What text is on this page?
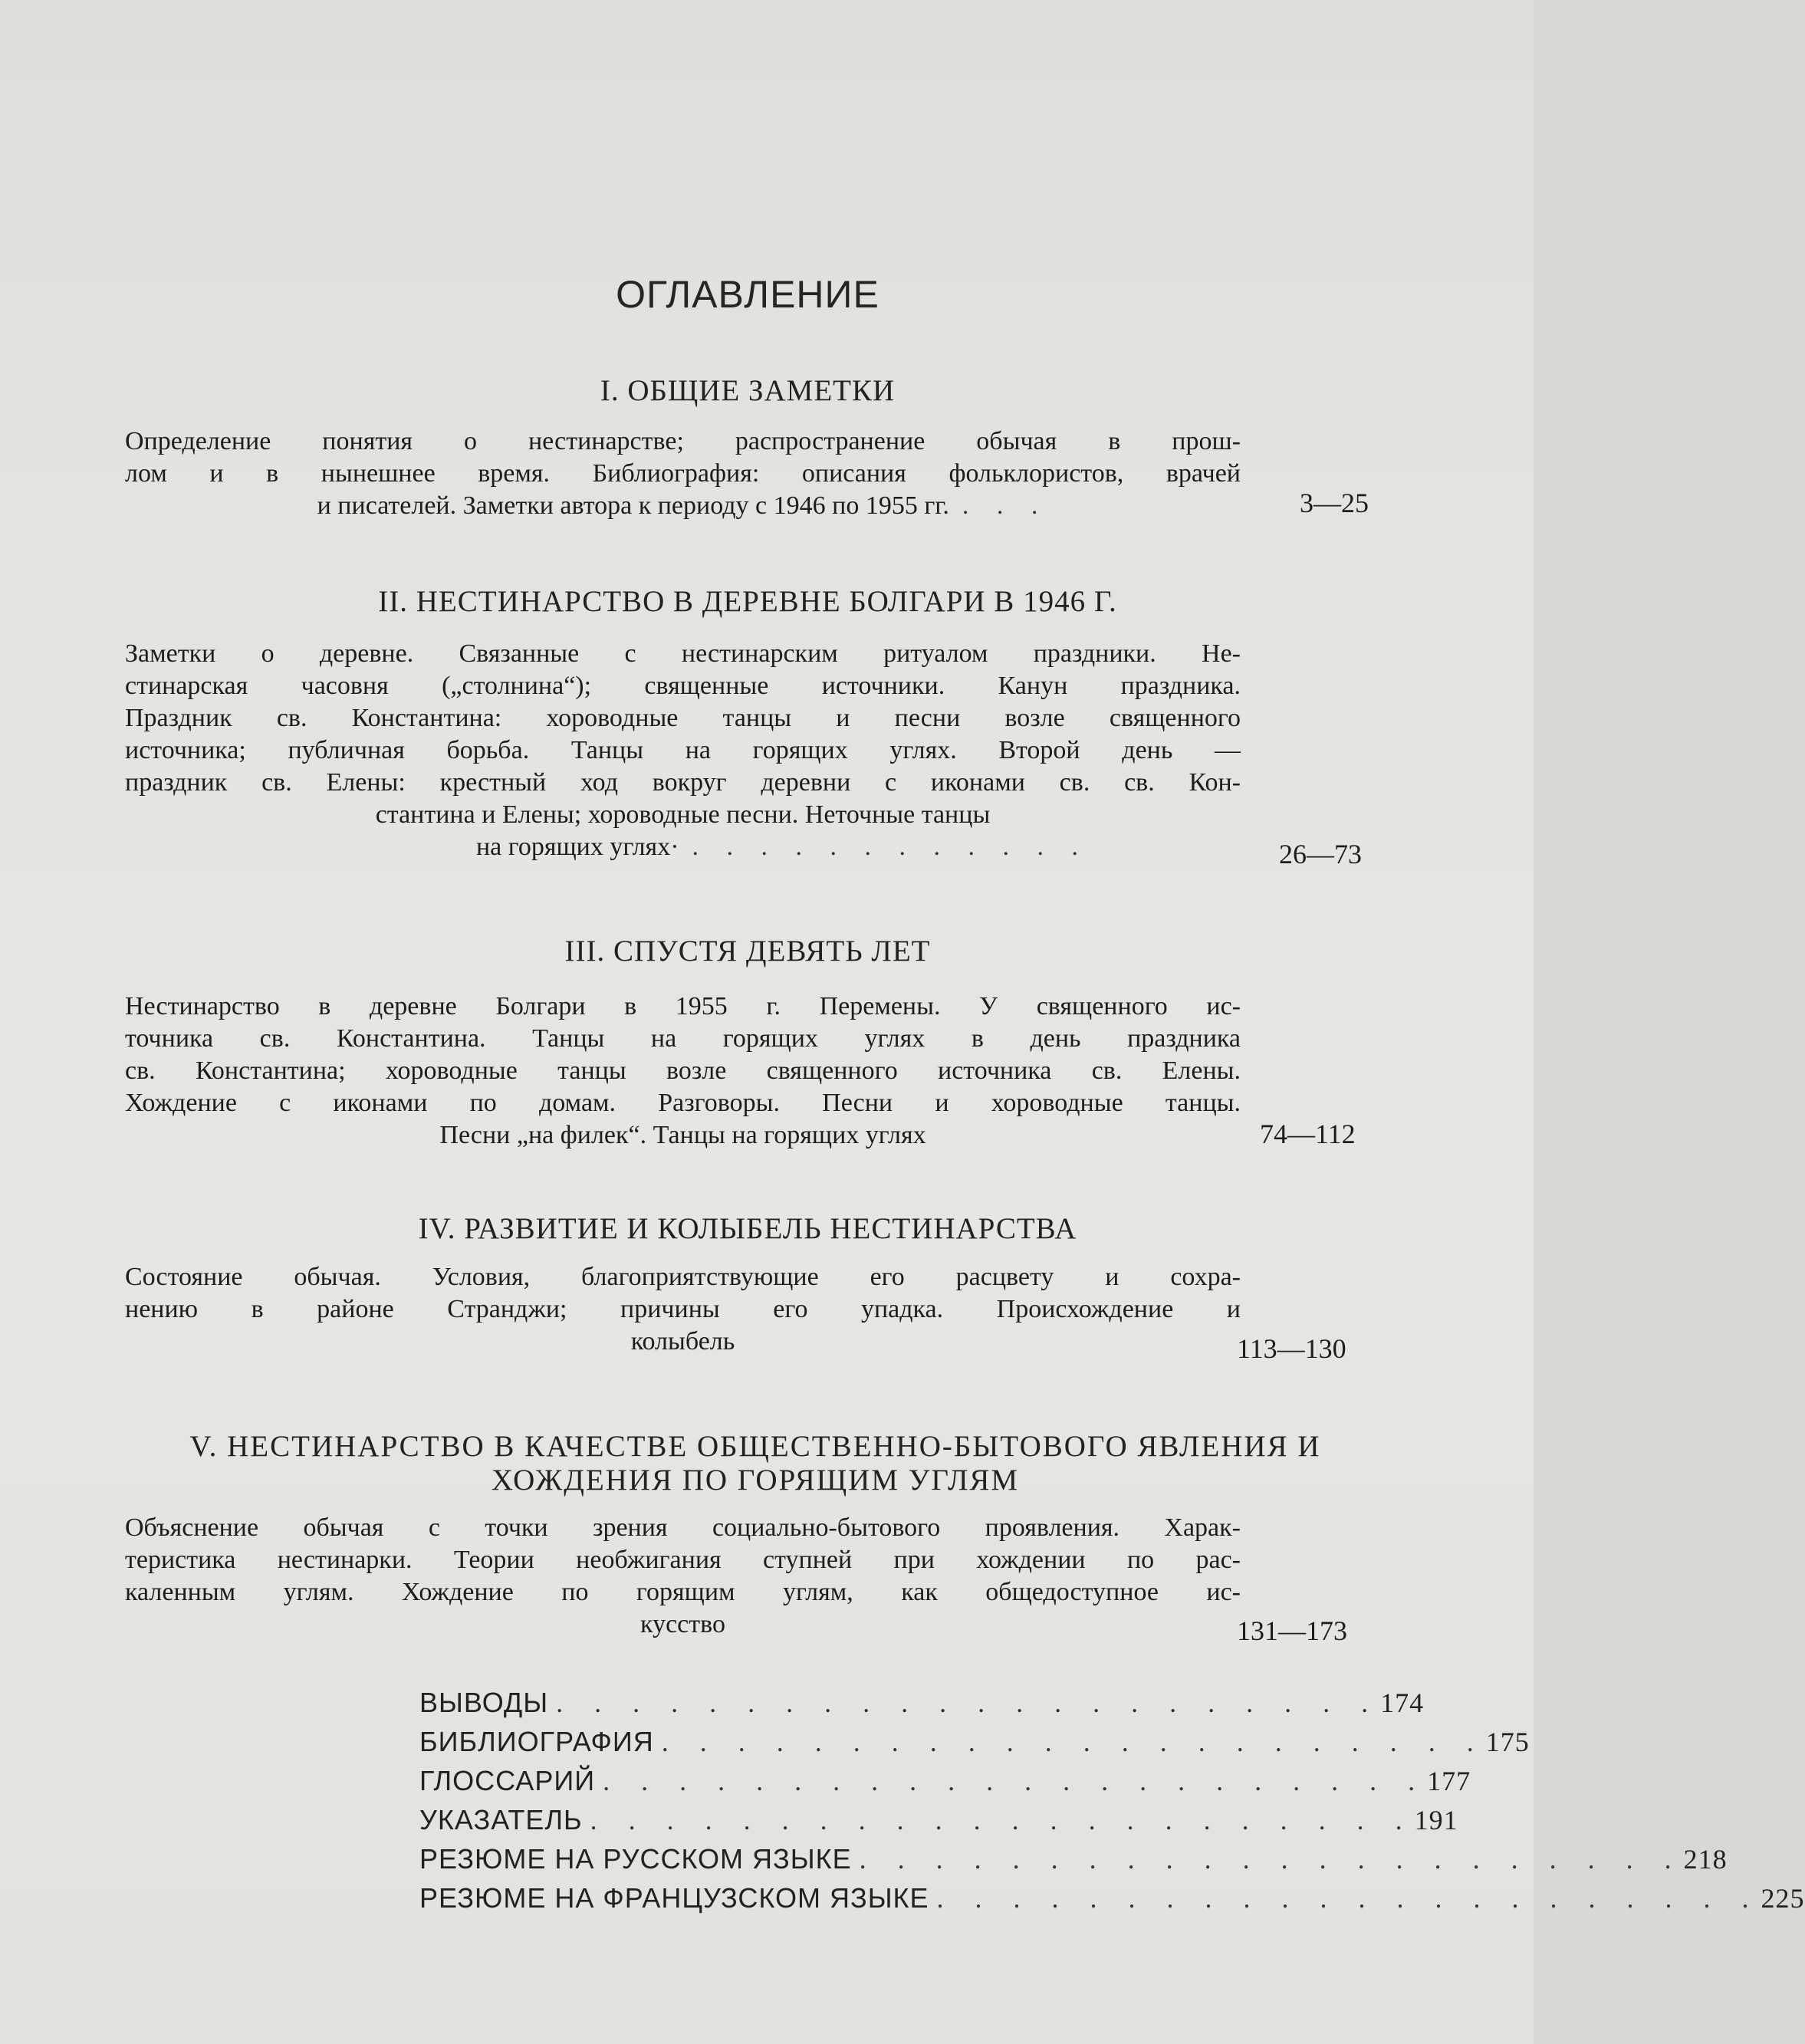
ОГЛАВЛЕНИЕ
I. ОБЩИЕ ЗАМЕТКИ
Определение понятия о нестинарстве; распространение обычая в прош-
лом и в нынешнее время. Библиография: описания фольклористов, врачей
и писателей. Заметки автора к периоду с 1946 по 1955 гг. . . .	3—25
II. НЕСТИНАРСТВО В ДЕРЕВНЕ БОЛГАРИ В 1946 Г.
Заметки о деревне. Связанные с нестинарским ритуалом праздники. Не-
стинарская часовня („столнина“); священные источники. Канун праздника.
Праздник св. Константина: хороводные танцы и песни возле священного
источника; публичная борьба. Танцы на горящих углях. Второй день —
праздник св. Елены: крестный ход вокруг деревни с иконами св. св. Кон-
стантина и Елены; хороводные песни. Неточные танцы
на горящих углях· . . . . . . . . . . . .	26—73
III. СПУСТЯ ДЕВЯТЬ ЛЕТ
Нестинарство в деревне Болгари в 1955 г. Перемены. У священного ис-
точника св. Константина. Танцы на горящих углях в день праздника
св. Константина; хороводные танцы возле священного источника св. Елены.
Хождение с иконами по домам. Разговоры. Песни и хороводные танцы.
Песни „на филек“. Танцы на горящих углях	74—112
IV. РАЗВИТИЕ И КОЛЫБЕЛЬ НЕСТИНАРСТВА
Состояние обычая. Условия, благоприятствующие его расцвету и сохра-
нению в районе Странджи; причины его упадка. Происхождение и
колыбель	113—130
V. НЕСТИНАРСТВО В КАЧЕСТВЕ ОБЩЕСТВЕННО-БЫТОВОГО ЯВЛЕНИЯ И ХОЖДЕНИЯ ПО ГОРЯЩИМ УГЛЯМ
Объяснение обычая с точки зрения социально-бытового проявления. Харак-
теристика нестинарки. Теории необжигания ступней при хождении по рас-
каленным углям. Хождение по горящим углям, как общедоступное ис-
кусство	131—173
ВЫВОДЫ . . . . . . . . . . . . . . . . . . . . . . 174
БИБЛИОГРАФИЯ . . . . . . . . . . . . . . . . . . . . . . 175
ГЛОССАРИЙ . . . . . . . . . . . . . . . . . . . . . . 177
УКАЗАТЕЛЬ . . . . . . . . . . . . . . . . . . . . . . 191
РЕЗЮМЕ НА РУССКОМ ЯЗЫКЕ . . . . . . . . . . . . . . . . . . . . . . 218
РЕЗЮМЕ НА ФРАНЦУЗСКОМ ЯЗЫКЕ . . . . . . . . . . . . . . . . . . . . . . 225
